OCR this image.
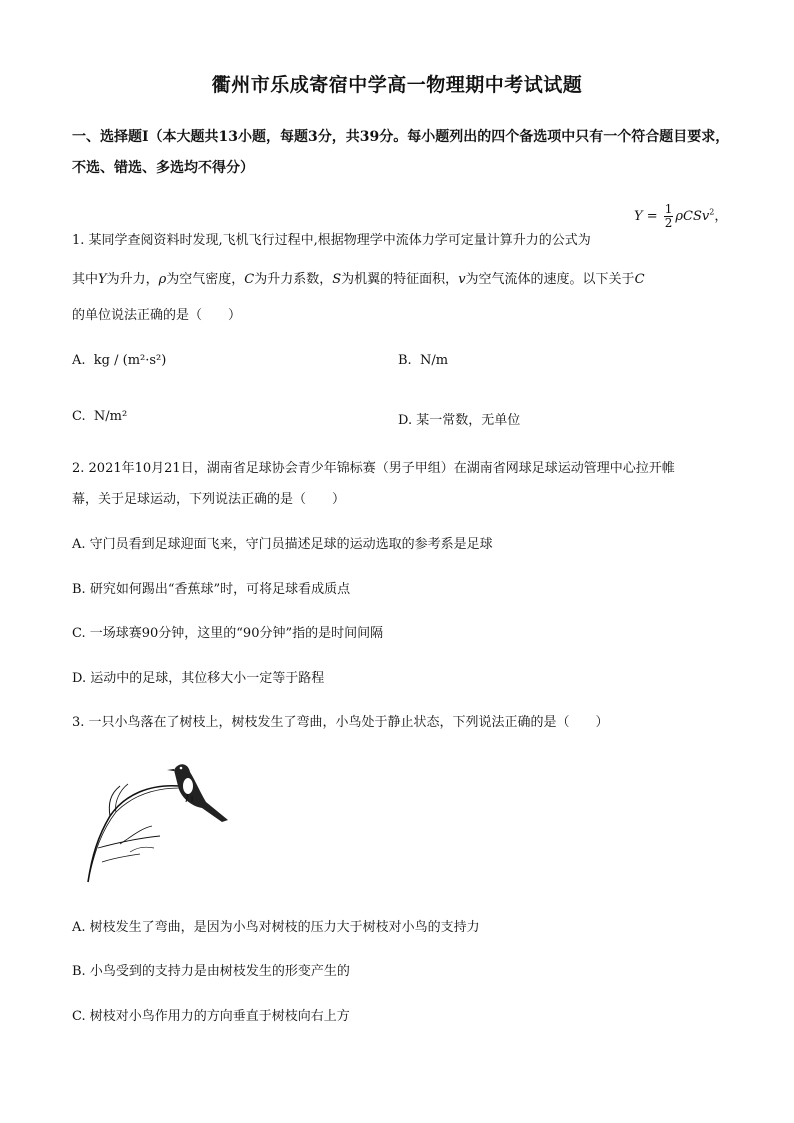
衢州市乐成寄宿中学高一物理期中考试试题
一、选择题Ⅰ（本大题共13小题，每题3分，共39分。每小题列出的四个备选项中只有一个符合题目要求，不选、错选、多选均不得分）
1. 某同学查阅资料时发现,飞机飞行过程中,根据物理学中流体力学可定量计算升力的公式为
$Y = \frac{1}{2} \rho CSv^2$，
其中Y为升力，ρ为空气密度，C为升力系数，S为机翼的特征面积，v为空气流体的速度。以下关于C
的单位说法正确的是（　　）
A. kg / (m²·s²)	B. N/m
C. N/m²	D. 某一常数，无单位
2. 2021年10月21日，湖南省足球协会青少年锦标赛（男子甲组）在湖南省网球足球运动管理中心拉开帷
幕，关于足球运动，下列说法正确的是（　　）
A. 守门员看到足球迎面飞来，守门员描述足球的运动选取的参考系是足球
B. 研究如何踢出“香蕉球”时，可将足球看成质点
C. 一场球赛90分钟，这里的“90分钟”指的是时间间隔
D. 运动中的足球，其位移大小一定等于路程
3. 一只小鸟落在了树枝上，树枝发生了弯曲，小鸟处于静止状态，下列说法正确的是（　　）
A. 树枝发生了弯曲，是因为小鸟对树枝的压力大于树枝对小鸟的支持力
B. 小鸟受到的支持力是由树枝发生的形变产生的
C. 树枝对小鸟作用力的方向垂直于树枝向右上方
